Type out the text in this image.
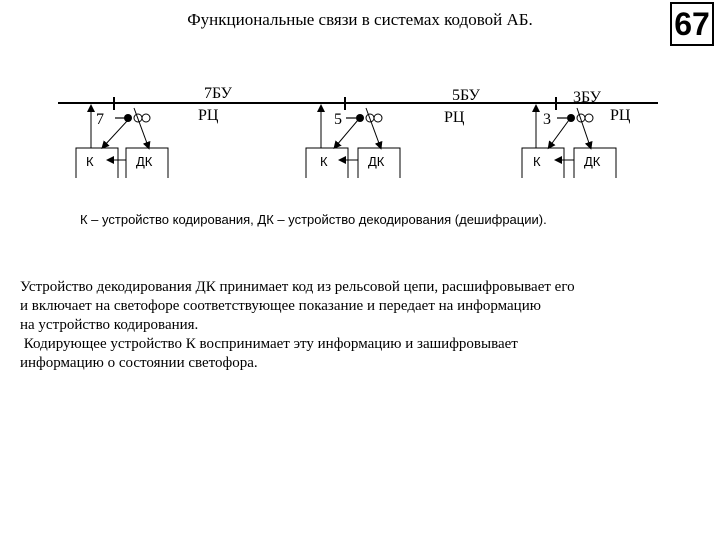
Функциональные связи в системах кодовой АБ.	67
7
7БУ
РЦ
К	ДК
5
5БУ
РЦ
К	ДК
3
3БУ
РЦ
К	ДК
К – устройство кодирования, ДК – устройство декодирования (дешифрации).

Устройство декодирования ДК принимает код из рельсовой цепи, расшифровывает его

и включает на светофоре соответствующее показание и передает на информацию

на устройство кодирования.

Кодирующее устройство К воспринимает эту информацию и зашифровывает

информацию о состоянии светофора.
